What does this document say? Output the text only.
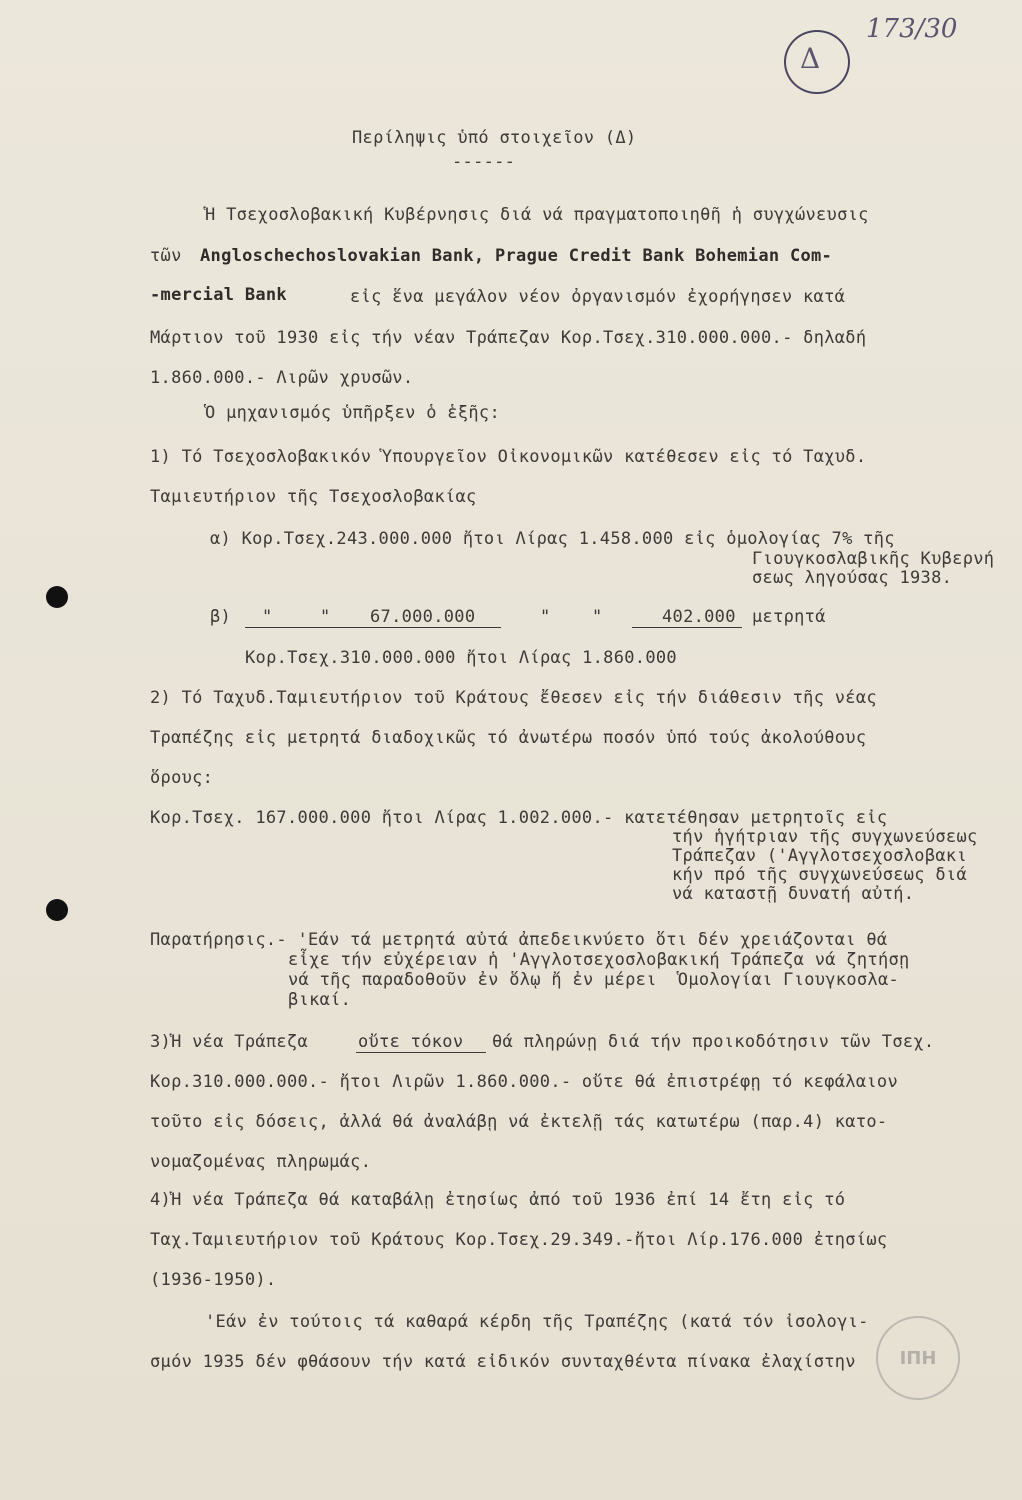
173/30
Δ
Περίληψις ὑπό στοιχεῖον (Δ)
------
Ἡ Τσεχοσλοβακική Κυβέρνησις διά νά πραγματοποιηθῆ ἡ συγχώνευσις
τῶν Angloschechoslovakian Bank, Prague Credit Bank Bohemian Com-
-mercial Bank	εἰς ἕνα μεγάλον νέον ὀργανισμόν ἐχορήγησεν κατά
Μάρτιον τοῦ 1930 εἰς τήν νέαν Τράπεζαν Κορ.Τσεχ.310.000.000.- δηλαδή
1.860.000.- Λιρῶν χρυσῶν.
Ὁ μηχανισμός ὑπῆρξεν ὁ ἑξῆς:
1) Τό Τσεχοσλοβακικόν Ὑπουργεῖον Οἰκονομικῶν κατέθεσεν εἰς τό Ταχυδ.
Ταμιευτήριον τῆς Τσεχοσλοβακίας
α) Κορ.Τσεχ.243.000.000 ἤτοι Λίρας 1.458.000 εἰς ὁμολογίας 7% τῆς
Γιουγκοσλαβικῆς Κυβερνή
σεως ληγούσας 1938.
β) "	" 67.000.000	" "	402.000 μετρητά
Κορ.Τσεχ.310.000.000 ἤτοι Λίρας 1.860.000
2) Τό Ταχυδ.Ταμιευτήριον τοῦ Κράτους ἔθεσεν εἰς τήν διάθεσιν τῆς νέας
Τραπέζης εἰς μετρητά διαδοχικῶς τό ἀνωτέρω ποσόν ὑπό τούς ἀκολούθους
ὅρους:
Κορ.Τσεχ. 167.000.000 ἤτοι Λίρας 1.002.000.- κατετέθησαν μετρητοῖς εἰς
τήν ἡγήτριαν τῆς συγχωνεύσεως
Τράπεζαν ('Αγγλοτσεχοσλοβακι
κήν πρό τῆς συγχωνεύσεως διά
νά καταστῇ δυνατή αὐτή.
Παρατήρησις.- 'Εάν τά μετρητά αὐτά ἀπεδεικνύετο ὅτι δέν χρειάζονται θά
εἶχε τήν εὐχέρειαν ἡ 'Αγγλοτσεχοσλοβακική Τράπεζα νά ζητήσῃ
νά τῆς παραδοθοῦν ἐν ὅλῳ ἤ ἐν μέρει  Ὁμολογίαι Γιουγκοσλα-
βικαί.
3)Ἡ νέα Τράπεζα	οὔτε τόκον θά πληρώνῃ διά τήν προικοδότησιν τῶν Τσεχ.
Κορ.310.000.000.- ἤτοι Λιρῶν 1.860.000.- οὔτε θά ἐπιστρέφῃ τό κεφάλαιον
τοῦτο εἰς δόσεις, ἀλλά θά ἀναλάβῃ νά ἐκτελῇ τάς κατωτέρω (παρ.4) κατο-
νομαζομένας πληρωμάς.
4)Ἡ νέα Τράπεζα θά καταβάλῃ ἐτησίως ἀπό τοῦ 1936 ἐπί 14 ἔτη εἰς τό
Ταχ.Ταμιευτήριον τοῦ Κράτους Κορ.Τσεχ.29.349.-ἤτοι Λίρ.176.000 ἐτησίως
(1936-1950).
'Εάν ἐν τούτοις τά καθαρά κέρδη τῆς Τραπέζης (κατά τόν ἰσολογι-
σμόν 1935 δέν φθάσουν τήν κατά εἰδικόν συνταχθέντα πίνακα ἐλαχίστην	ΙΠΗ
